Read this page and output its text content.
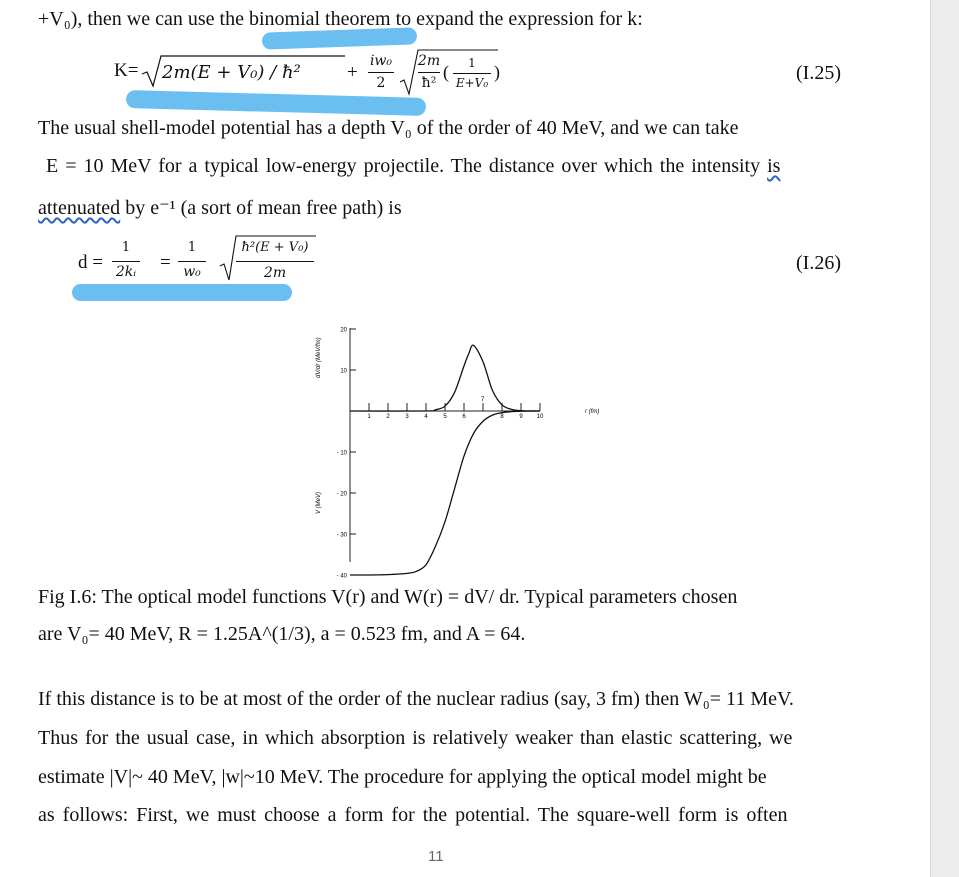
+V₀), then we can use the binomial theorem to expand the expression for k:
K= 2m(E + V₀) / ħ² +
iw₀
2
2m
ħ²
(	1
E+V₀
)	(I.25)
The usual shell-model potential has a depth V₀ of the order of 40 MeV, and we can take
E = 10 MeV for a typical low-energy projectile. The distance over which the intensity is
attenuated by e⁻¹ (a sort of mean free path) is
d =
1
2kᵢ	=
1
w₀
ħ²(E + V₀)
2m	(I.26)
20
10
- 10
- 20
- 30
- 40
1	2	3	4	5	6	8	9 10
7
r (fm)
dV/dr (MeV/fm)
V (MeV)
Fig I.6: The optical model functions V(r) and W(r) = dV/ dr. Typical parameters chosen
are V₀= 40 MeV, R = 1.25A^(1/3), a = 0.523 fm, and A = 64.
If this distance is to be at most of the order of the nuclear radius (say, 3 fm) then W₀= 11 MeV.
Thus for the usual case, in which absorption is relatively weaker than elastic scattering, we
estimate |V|~ 40 MeV, |w|~10 MeV. The procedure for applying the optical model might be
as follows: First, we must choose a form for the potential. The square-well form is often
11
